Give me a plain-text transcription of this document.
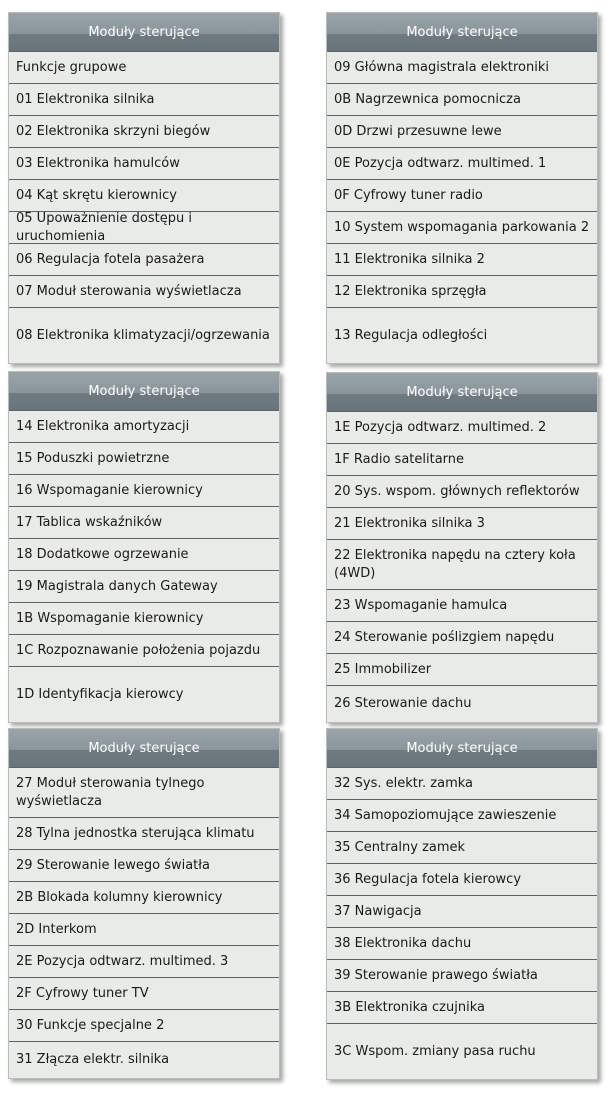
Moduły sterujące
Funkcje grupowe
01 Elektronika silnika
02 Elektronika skrzyni biegów
03 Elektronika hamulców
04 Kąt skrętu kierownicy
05 Upoważnienie dostępu i uruchomienia
06 Regulacja fotela pasażera
07 Moduł sterowania wyświetlacza
08 Elektronika klimatyzacji/ogrzewania
Moduły sterujące
09 Główna magistrala elektroniki
0B Nagrzewnica pomocnicza
0D Drzwi przesuwne lewe
0E Pozycja odtwarz. multimed. 1
0F Cyfrowy tuner radio
10 System wspomagania parkowania 2
11 Elektronika silnika 2
12 Elektronika sprzęgła
13 Regulacja odległości
Moduły sterujące
14 Elektronika amortyzacji
15 Poduszki powietrzne
16 Wspomaganie kierownicy
17 Tablica wskaźników
18 Dodatkowe ogrzewanie
19 Magistrala danych Gateway
1B Wspomaganie kierownicy
1C Rozpoznawanie położenia pojazdu
1D Identyfikacja kierowcy
Moduły sterujące
1E Pozycja odtwarz. multimed. 2
1F Radio satelitarne
20 Sys. wspom. głównych reflektorów
21 Elektronika silnika 3
22 Elektronika napędu na cztery koła (4WD)
23 Wspomaganie hamulca
24 Sterowanie poślizgiem napędu
25 Immobilizer
26 Sterowanie dachu
Moduły sterujące
27 Moduł sterowania tylnego wyświetlacza
28 Tylna jednostka sterująca klimatu
29 Sterowanie lewego światła
2B Blokada kolumny kierownicy
2D Interkom
2E Pozycja odtwarz. multimed. 3
2F Cyfrowy tuner TV
30 Funkcje specjalne 2
31 Złącza elektr. silnika
Moduły sterujące
32 Sys. elektr. zamka
34 Samopoziomujące zawieszenie
35 Centralny zamek
36 Regulacja fotela kierowcy
37 Nawigacja
38 Elektronika dachu
39 Sterowanie prawego światła
3B Elektronika czujnika
3C Wspom. zmiany pasa ruchu
